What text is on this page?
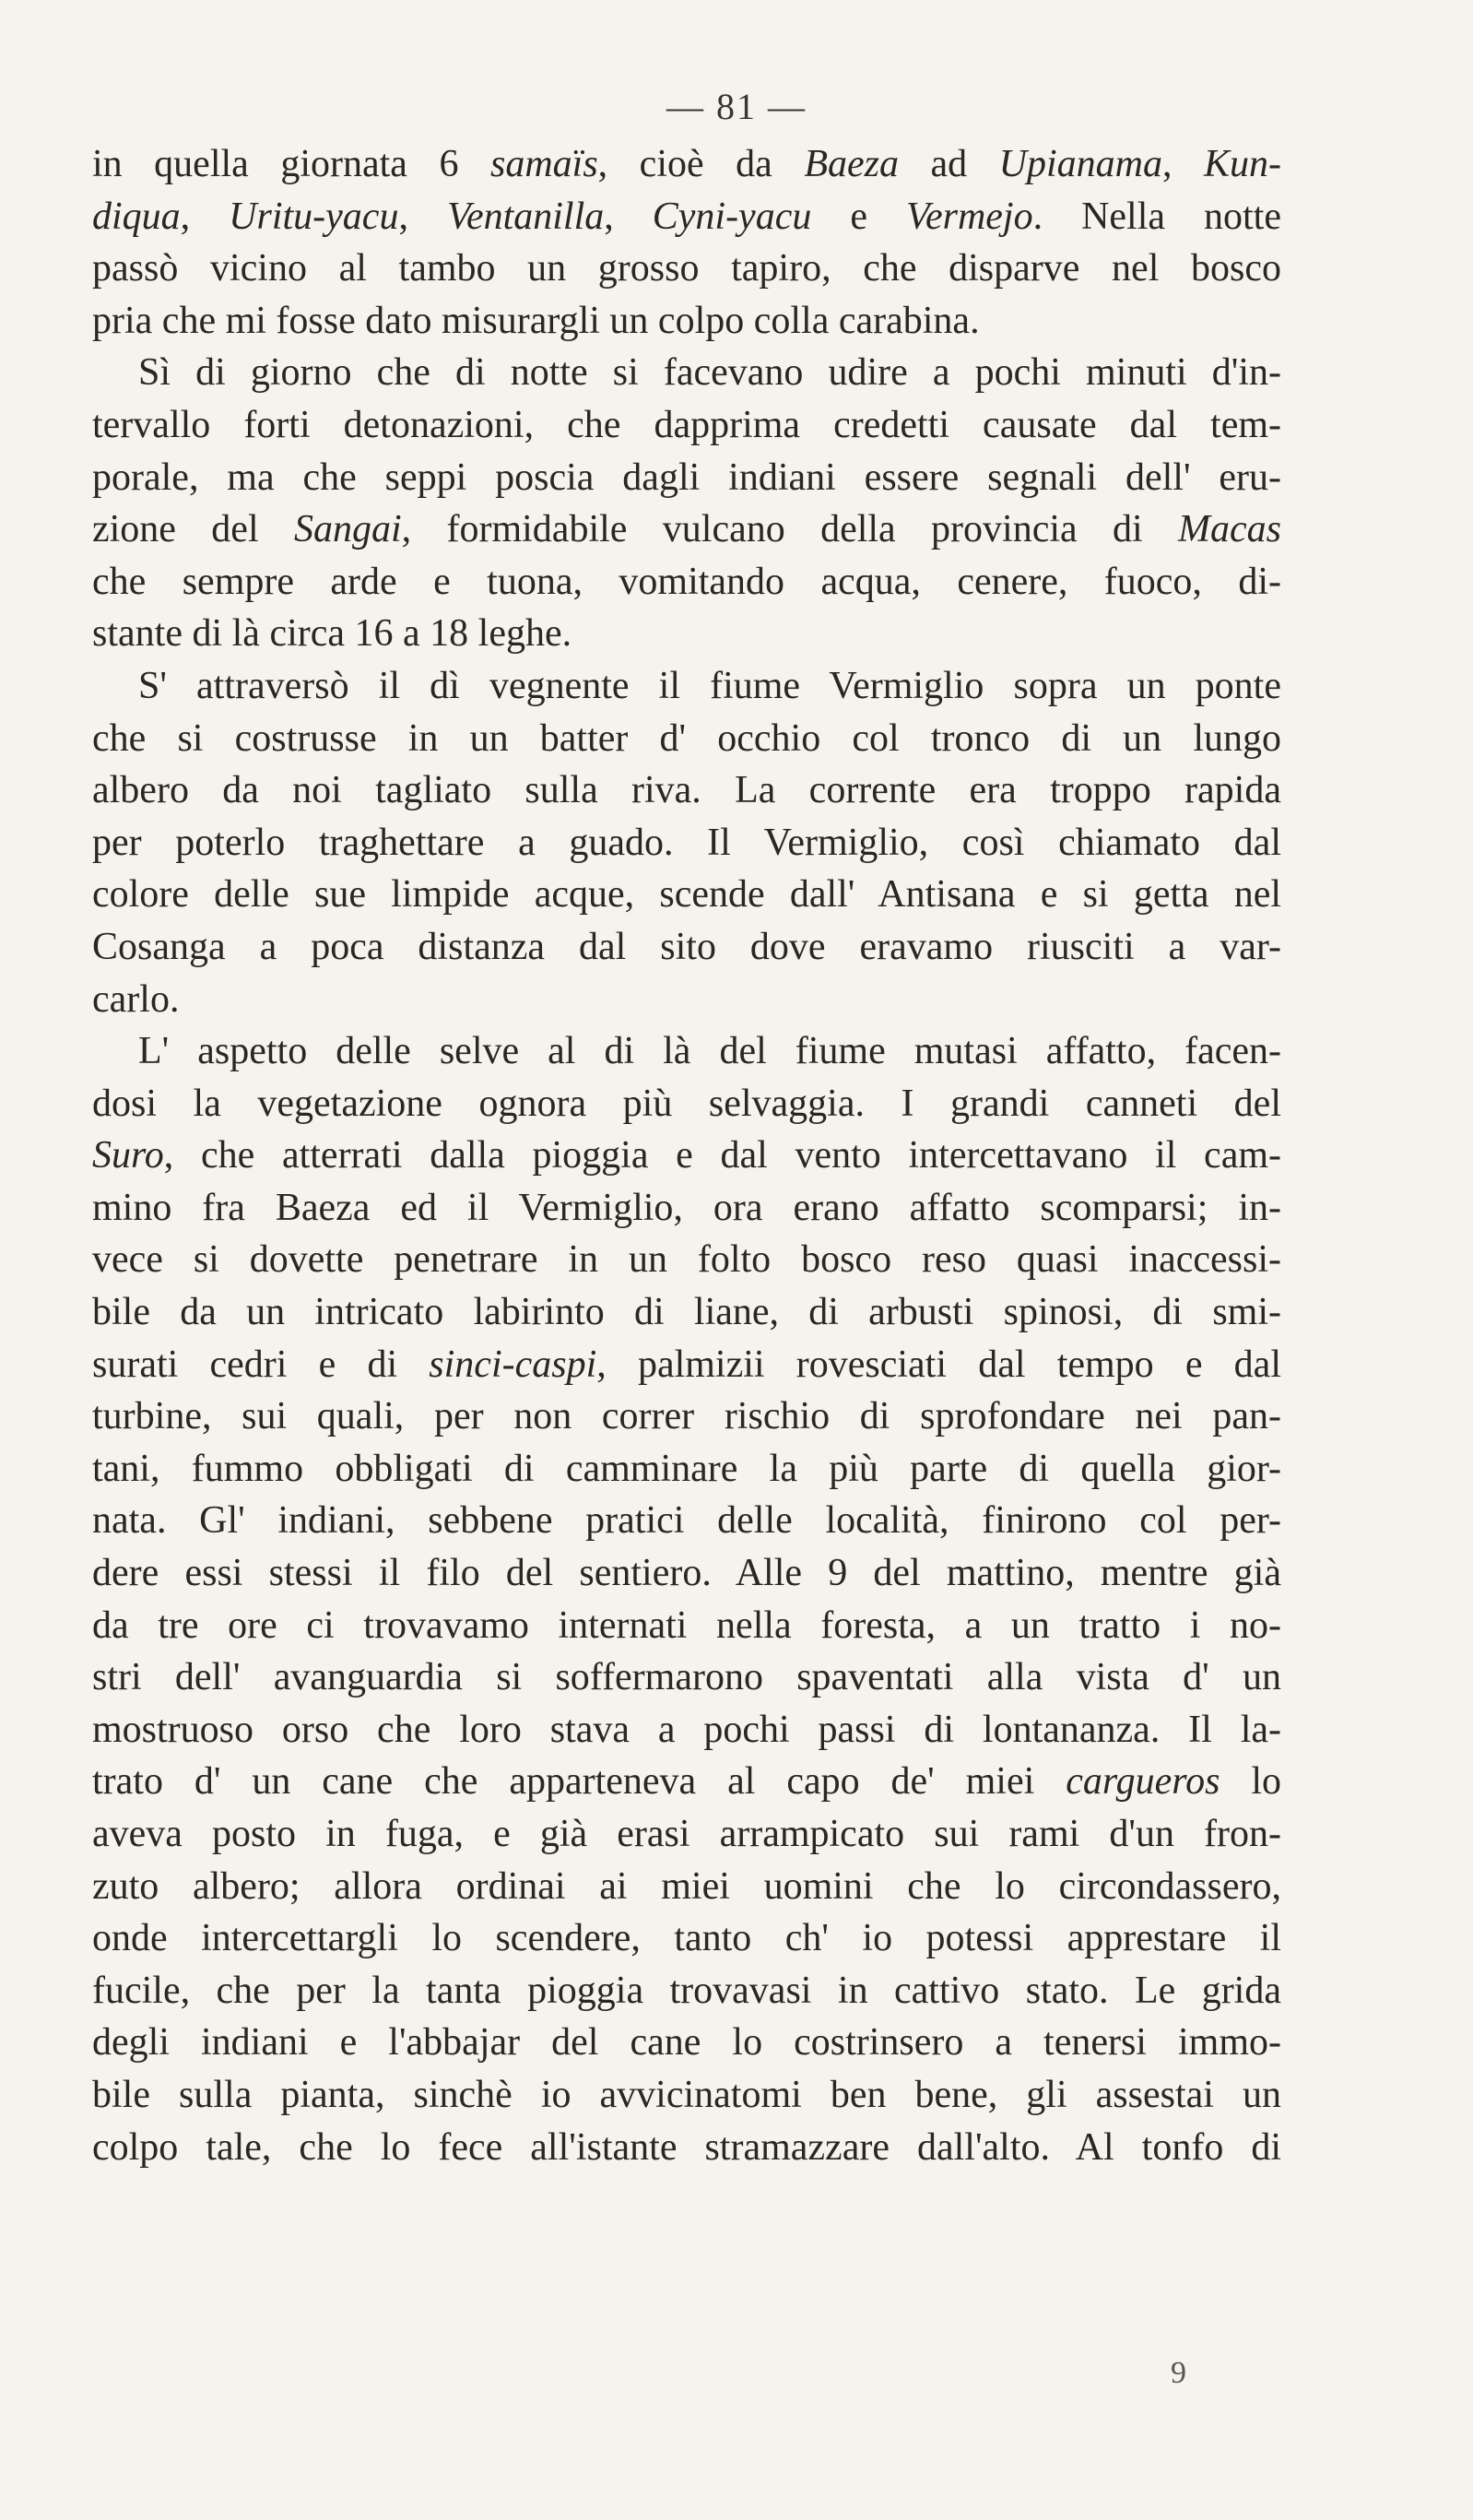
— 81 —
in quella giornata 6 samaïs, cioè da Baeza ad Upianama, Kun-
diqua, Uritu-yacu, Ventanilla, Cyni-yacu e Vermejo. Nella notte
passò vicino al tambo un grosso tapiro, che disparve nel bosco
pria che mi fosse dato misurargli un colpo colla carabina.
Sì di giorno che di notte si facevano udire a pochi minuti d'in-
tervallo forti detonazioni, che dapprima credetti causate dal tem-
porale, ma che seppi poscia dagli indiani essere segnali dell' eru-
zione del Sangai, formidabile vulcano della provincia di Macas
che sempre arde e tuona, vomitando acqua, cenere, fuoco, di-
stante di là circa 16 a 18 leghe.
S' attraversò il dì vegnente il fiume Vermiglio sopra un ponte
che si costrusse in un batter d' occhio col tronco di un lungo
albero da noi tagliato sulla riva. La corrente era troppo rapida
per poterlo traghettare a guado. Il Vermiglio, così chiamato dal
colore delle sue limpide acque, scende dall' Antisana e si getta nel
Cosanga a poca distanza dal sito dove eravamo riusciti a var-
carlo.
L' aspetto delle selve al di là del fiume mutasi affatto, facen-
dosi la vegetazione ognora più selvaggia. I grandi canneti del
Suro, che atterrati dalla pioggia e dal vento intercettavano il cam-
mino fra Baeza ed il Vermiglio, ora erano affatto scomparsi; in-
vece si dovette penetrare in un folto bosco reso quasi inaccessi-
bile da un intricato labirinto di liane, di arbusti spinosi, di smi-
surati cedri e di sinci-caspi, palmizii rovesciati dal tempo e dal
turbine, sui quali, per non correr rischio di sprofondare nei pan-
tani, fummo obbligati di camminare la più parte di quella gior-
nata. Gl' indiani, sebbene pratici delle località, finirono col per-
dere essi stessi il filo del sentiero. Alle 9 del mattino, mentre già
da tre ore ci trovavamo internati nella foresta, a un tratto i no-
stri dell' avanguardia si soffermarono spaventati alla vista d' un
mostruoso orso che loro stava a pochi passi di lontananza. Il la-
trato d' un cane che apparteneva al capo de' miei cargueros lo
aveva posto in fuga, e già erasi arrampicato sui rami d'un fron-
zuto albero; allora ordinai ai miei uomini che lo circondassero,
onde intercettargli lo scendere, tanto ch' io potessi apprestare il
fucile, che per la tanta pioggia trovavasi in cattivo stato. Le grida
degli indiani e l'abbajar del cane lo costrinsero a tenersi immo-
bile sulla pianta, sinchè io avvicinatomi ben bene, gli assestai un
colpo tale, che lo fece all'istante stramazzare dall'alto. Al tonfo di
9
